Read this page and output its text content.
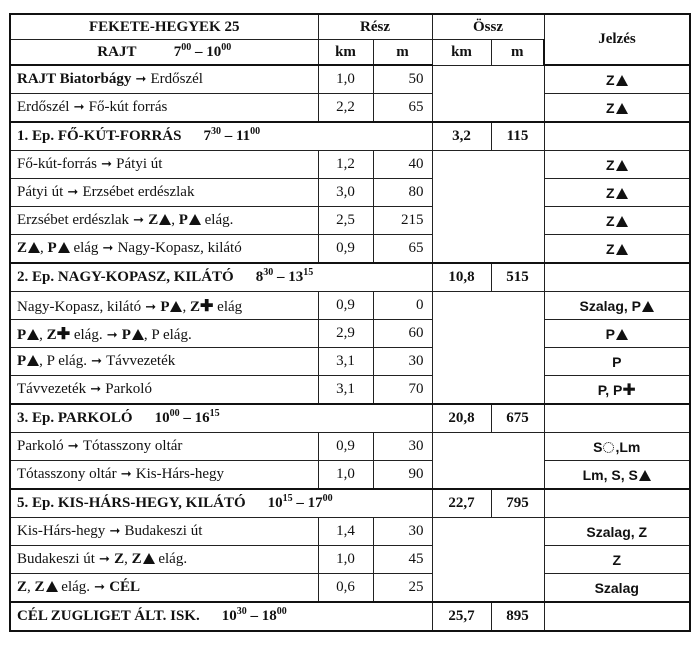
FEKETE-HEGYEK 25	Rész		Össz		Jelzés
RAJT $7^{00} - 10^{00}$	km	m	km	m	
RAJT Biatorbágy ➞ Erdőszél	1,0	50			Z
Erdőszél ➞ Fő-kút forrás	2,2	65			Z
1. Ep. FŐ-KÚT-FORRÁS $7^{30} - 11^{00}$			3,2	115	
Fő-kút-forrás ➞ Pátyi út	1,2	40			Z
Pátyi út ➞ Erzsébet erdészlak	3,0	80			Z
Erzsébet erdészlak ➞ Z , P elág.	2,5	215			Z
Z , P elág ➞ Nagy-Kopasz, kilátó	0,9	65			Z
2. Ep. NAGY-KOPASZ, KILÁTÓ $8^{30} - 13^{15}$			10,8	515	
Nagy-Kopasz, kilátó ➞ P , Z✚ elág	0,9	0			Szalag, P
P , Z✚ elág. ➞ P , P elág.	2,9	60			P
P , P elág. ➞ Távvezeték	3,1	30			P
Távvezeték ➞ Parkoló	3,1	70			P, P✚
3. Ep. PARKOLÓ $10^{00} - 16^{15}$			20,8	675	
Parkoló ➞ Tótasszony oltár	0,9	30			S ,Lm
Tótasszony oltár ➞ Kis-Hárs-hegy	1,0	90			Lm, S, S
5. Ep. KIS-HÁRS-HEGY, KILÁTÓ $10^{15} - 17^{00}$			22,7	795	
Kis-Hárs-hegy ➞ Budakeszi út	1,4	30			Szalag, Z
Budakeszi út ➞ Z, Z elág.	1,0	45			Z
Z, Z elág. ➞ CÉL	0,6	25			Szalag
CÉL ZUGLIGET ÁLT. ISK. $10^{30} - 18^{00}$			25,7	895	
